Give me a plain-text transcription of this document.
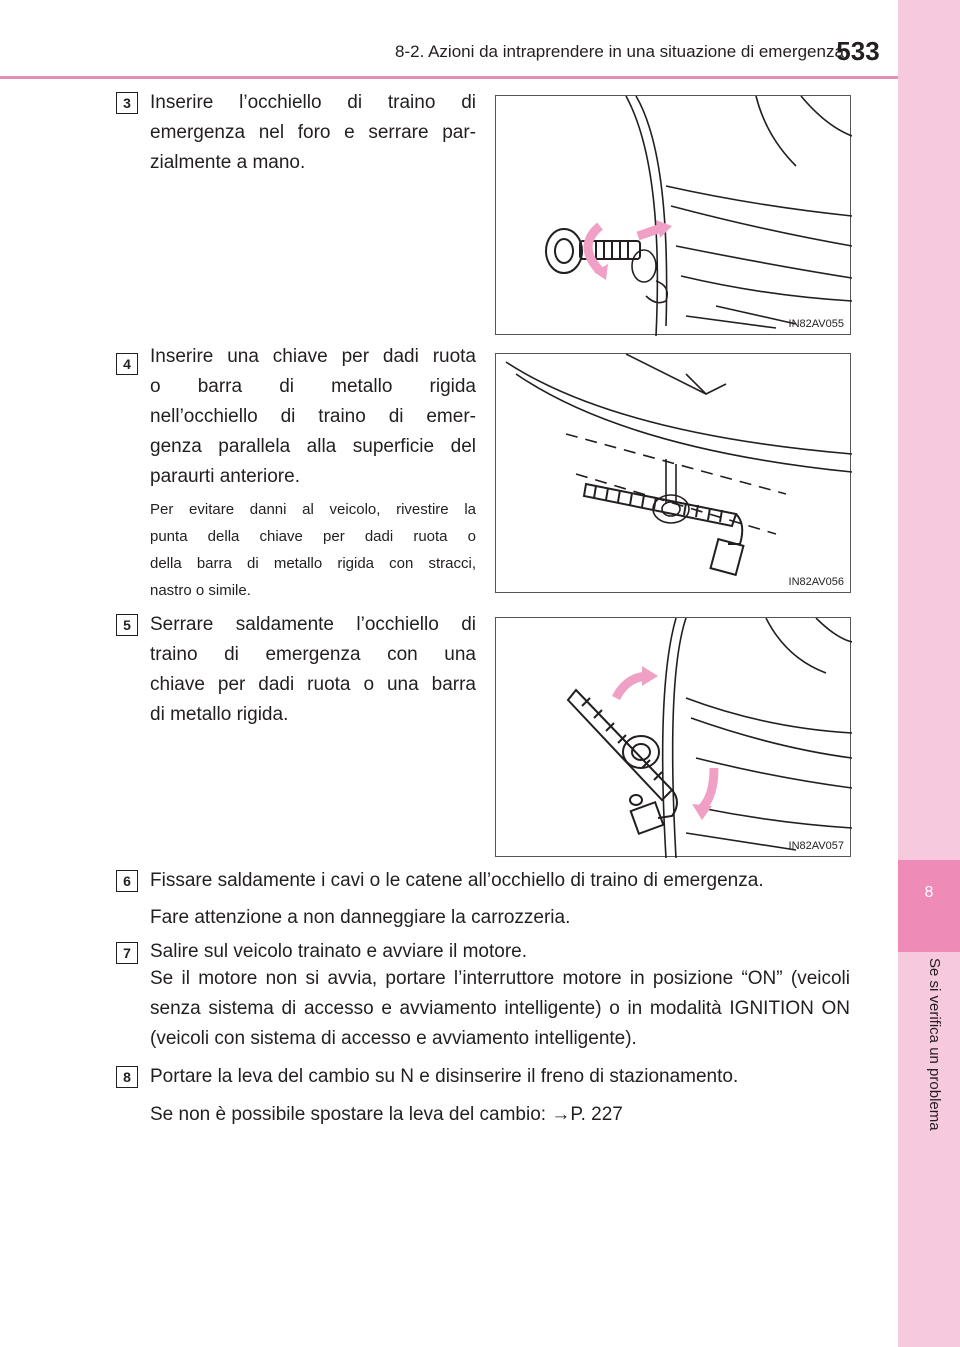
8-2. Azioni da intraprendere in una situazione di emergenza
533
8
Se si verifica un problema
3	Inserire l’occhiello di traino di
emergenza nel foro e serrare par-
zialmente a mano.
IN82AV055
4	Inserire una chiave per dadi ruota
o barra di metallo rigida
nell’occhiello di traino di emer-
genza parallela alla superficie del
paraurti anteriore.
Per evitare danni al veicolo, rivestire la
punta della chiave per dadi ruota o
della barra di metallo rigida con stracci,
nastro o simile.	IN82AV056
5	Serrare saldamente l’occhiello di
traino di emergenza con una
chiave per dadi ruota o una barra
di metallo rigida.
IN82AV057
6	Fissare saldamente i cavi o le catene all’occhiello di traino di emergenza.
Fare attenzione a non danneggiare la carrozzeria.
7	Salire sul veicolo trainato e avviare il motore.
Se il motore non si avvia, portare l’interruttore motore in posizione “ON” (veicoli senza sistema di accesso e avviamento intelligente) o in modalità IGNITION ON (veicoli con sistema di accesso e avviamento intelligente).
8	Portare la leva del cambio su N e disinserire il freno di stazionamento.
Se non è possibile spostare la leva del cambio: →P. 227
